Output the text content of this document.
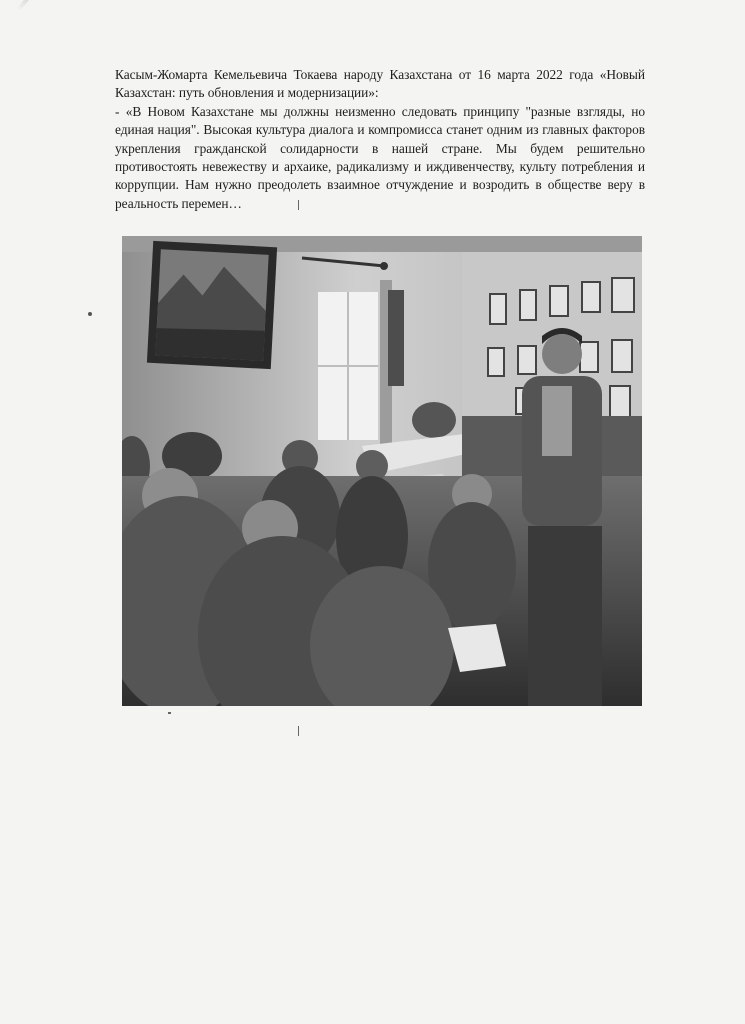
Касым-Жомарта Кемельевича Токаева народу Казахстана от 16 марта 2022 года «Новый Казахстан: путь обновления и модернизации»:

- «В Новом Казахстане мы должны неизменно следовать принципу "разные взгляды, но единая нация". Высокая культура диалога и компромисса станет одним из главных факторов укрепления гражданской солидарности в нашей стране. Мы будем решительно противостоять невежеству и архаике, радикализму и иждивенчеству, культу потребления и коррупции. Нам нужно преодолеть взаимное отчуждение и возродить в обществе веру в реальность перемен…
